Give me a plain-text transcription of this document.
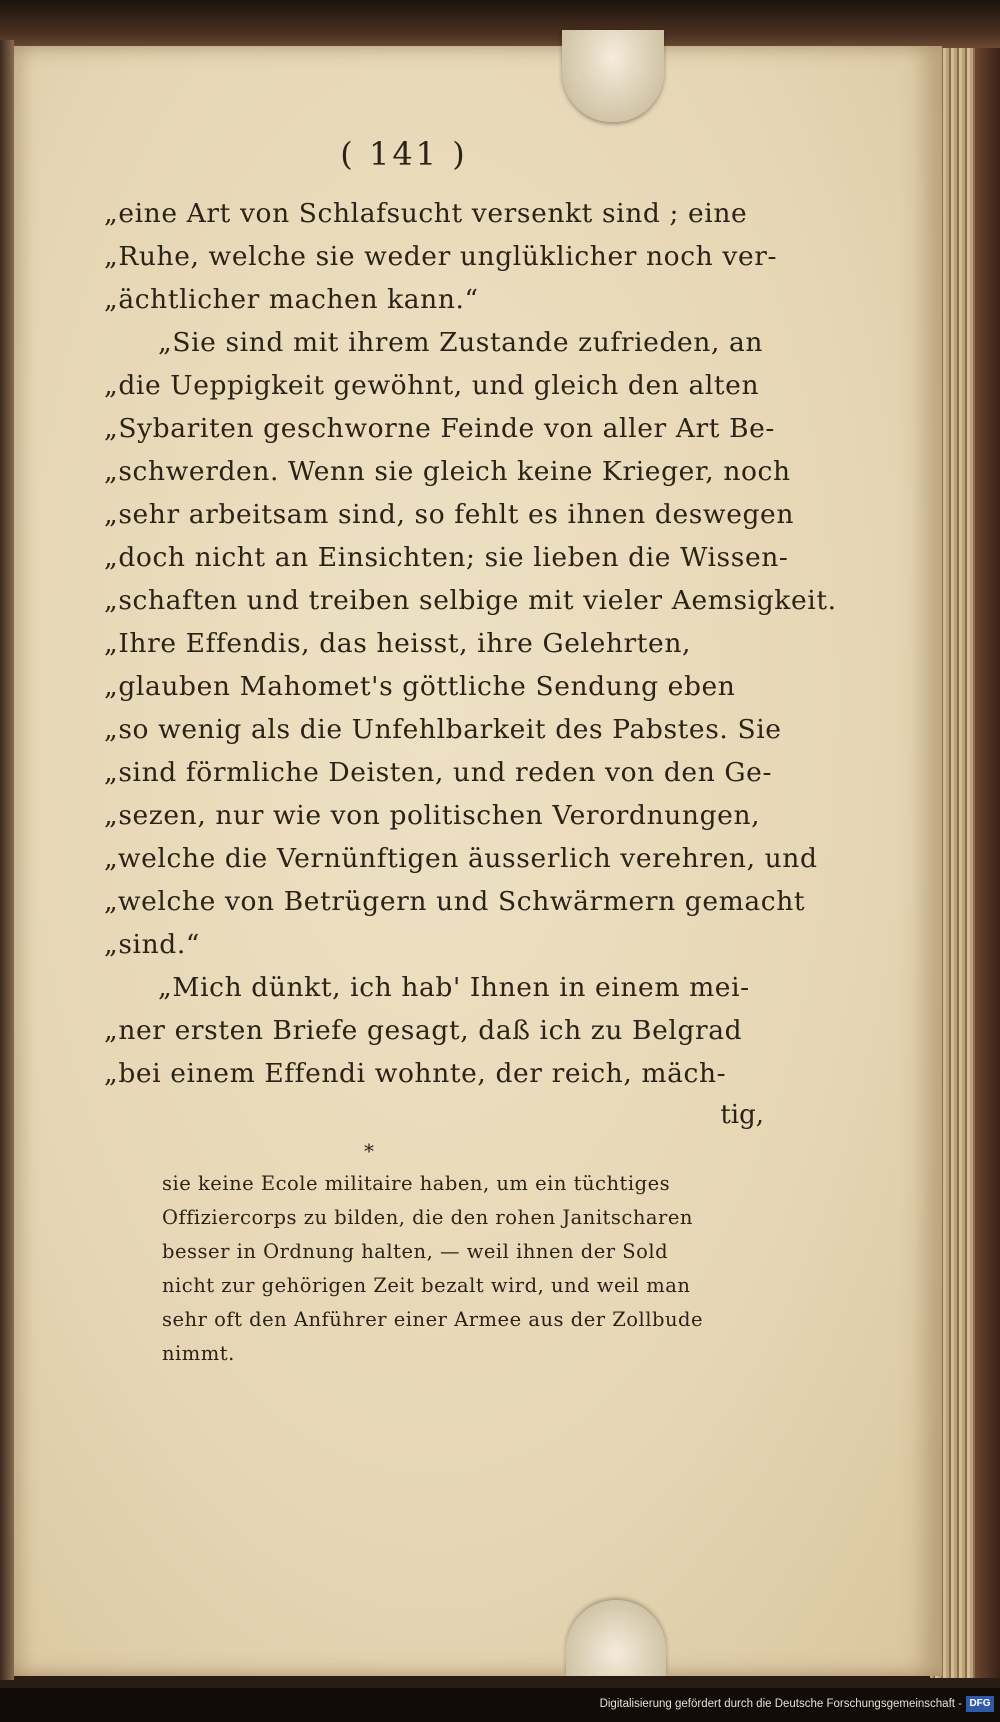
( 141 )
„eine Art von Schlafsucht versenkt sind ; eine
„Ruhe, welche sie weder unglüklicher noch ver-
„ächtlicher machen kann.“
„Sie sind mit ihrem Zustande zufrieden, an
„die Ueppigkeit gewöhnt, und gleich den alten
„Sybariten geschworne Feinde von aller Art Be-
„schwerden. Wenn sie gleich keine Krieger, noch
„sehr arbeitsam sind, so fehlt es ihnen deswegen
„doch nicht an Einsichten; sie lieben die Wissen-
„schaften und treiben selbige mit vieler Aemsigkeit.
„Ihre Effendis, das heisst, ihre Gelehrten,
„glauben Mahomet's göttliche Sendung eben
„so wenig als die Unfehlbarkeit des Pabstes. Sie
„sind förmliche Deisten, und reden von den Ge-
„sezen, nur wie von politischen Verordnungen,
„welche die Vernünftigen äusserlich verehren, und
„welche von Betrügern und Schwärmern gemacht
„sind.“
„Mich dünkt, ich hab' Ihnen in einem mei-
„ner ersten Briefe gesagt, daß ich zu Belgrad
„bei einem Effendi wohnte, der reich, mäch-
tig,
*
sie keine Ecole militaire haben, um ein tüchtiges
Offiziercorps zu bilden, die den rohen Janitscharen
besser in Ordnung halten, — weil ihnen der Sold
nicht zur gehörigen Zeit bezalt wird, und weil man
sehr oft den Anführer einer Armee aus der Zollbude
nimmt.
Digitalisierung gefördert durch die Deutsche Forschungsgemeinschaft - DFG
